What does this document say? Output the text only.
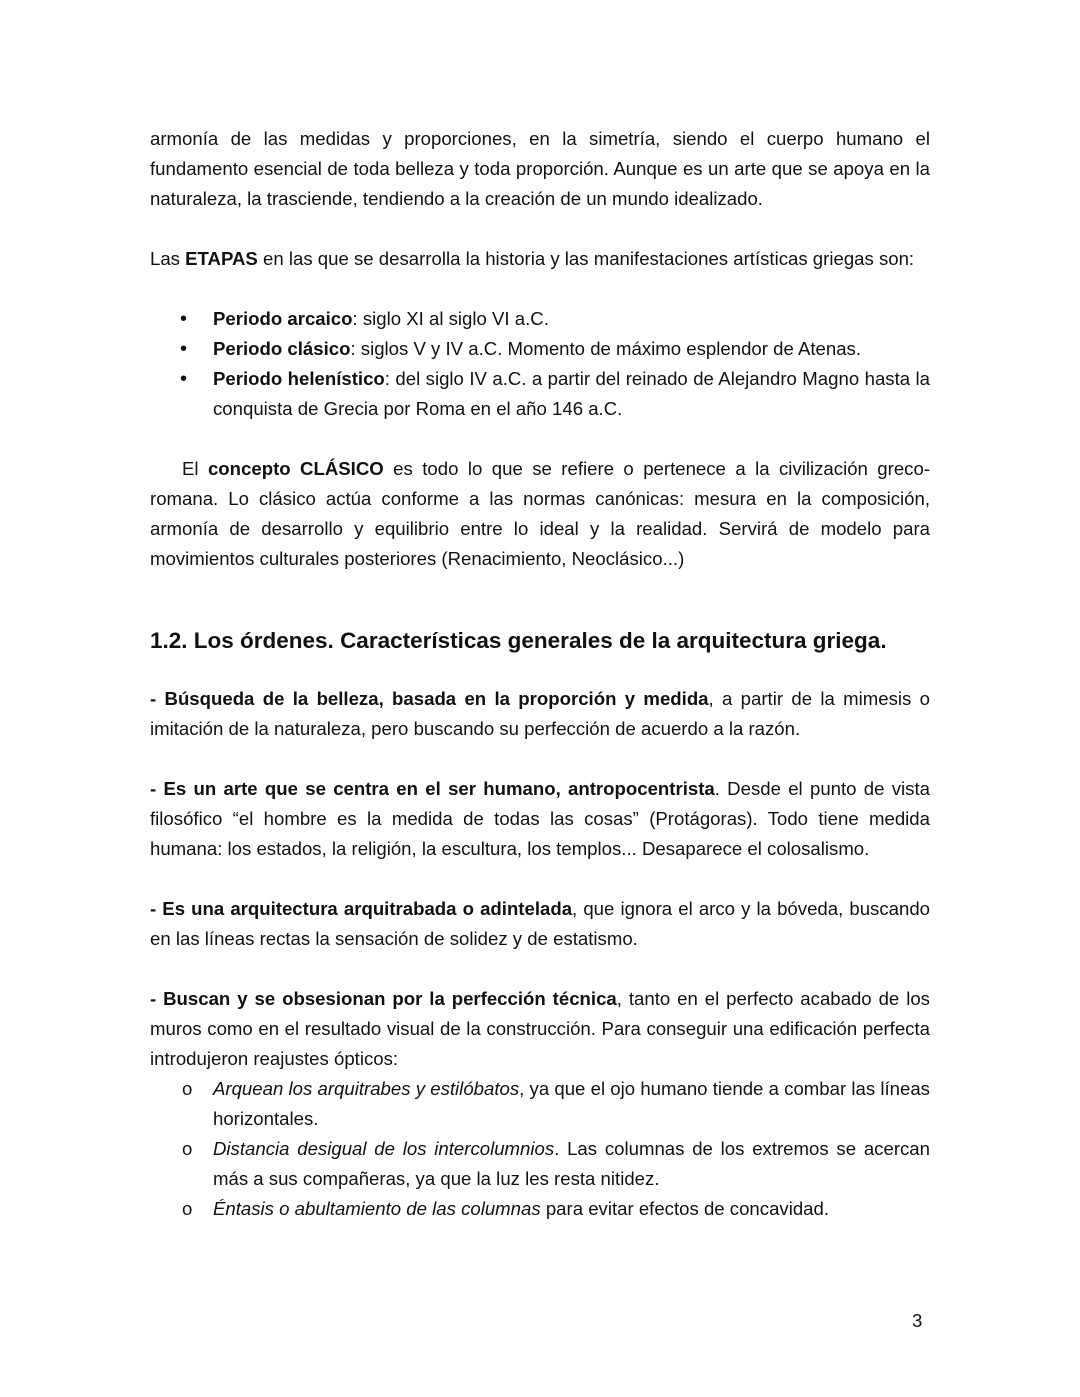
armonía de las medidas y proporciones, en la simetría, siendo el cuerpo humano el fundamento esencial de toda belleza y toda proporción. Aunque es un arte que se apoya en la naturaleza, la trasciende, tendiendo a la creación de un mundo idealizado.

Las ETAPAS en las que se desarrolla la historia y las manifestaciones artísticas griegas son:

• Periodo arcaico: siglo XI al siglo VI a.C.
• Periodo clásico: siglos V y IV a.C. Momento de máximo esplendor de Atenas.
• Periodo helenístico: del siglo IV a.C. a partir del reinado de Alejandro Magno hasta la conquista de Grecia por Roma en el año 146 a.C.

El concepto CLÁSICO es todo lo que se refiere o pertenece a la civilización greco-romana. Lo clásico actúa conforme a las normas canónicas: mesura en la composición, armonía de desarrollo y equilibrio entre lo ideal y la realidad. Servirá de modelo para movimientos culturales posteriores (Renacimiento, Neoclásico...)

1.2. Los órdenes. Características generales de la arquitectura griega.

- Búsqueda de la belleza, basada en la proporción y medida, a partir de la mimesis o imitación de la naturaleza, pero buscando su perfección de acuerdo a la razón.

- Es un arte que se centra en el ser humano, antropocentrista. Desde el punto de vista filosófico “el hombre es la medida de todas las cosas” (Protágoras). Todo tiene medida humana: los estados, la religión, la escultura, los templos... Desaparece el colosalismo.

- Es una arquitectura arquitrabada o adintelada, que ignora el arco y la bóveda, buscando en las líneas rectas la sensación de solidez y de estatismo.

- Buscan y se obsesionan por la perfección técnica, tanto en el perfecto acabado de los muros como en el resultado visual de la construcción. Para conseguir una edificación perfecta introdujeron reajustes ópticos:

o Arquean los arquitrabes y estilóbatos, ya que el ojo humano tiende a combar las líneas horizontales.
o Distancia desigual de los intercolumnios. Las columnas de los extremos se acercan más a sus compañeras, ya que la luz les resta nitidez.
o Éntasis o abultamiento de las columnas para evitar efectos de concavidad.
3
